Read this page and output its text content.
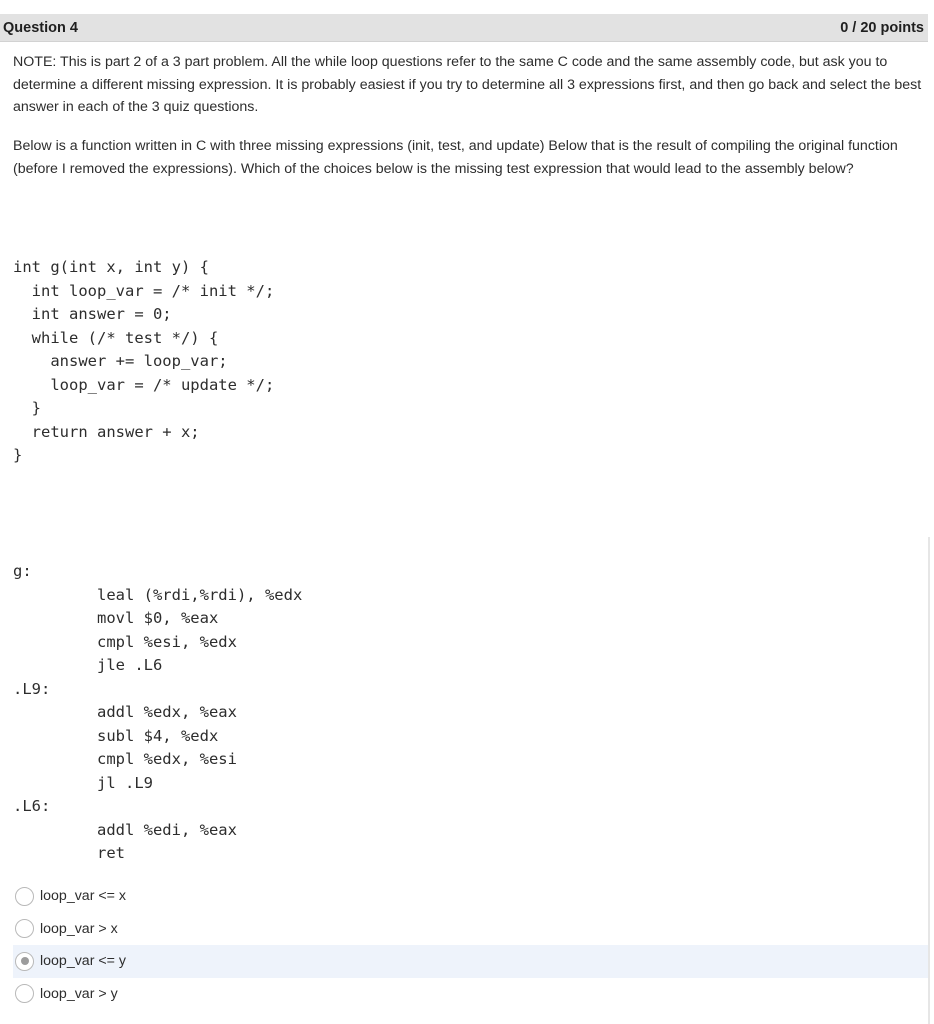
Question 4	0 / 20 points
NOTE: This is part 2 of a 3 part problem. All the while loop questions refer to the same C code and the same assembly code, but ask you to determine a different missing expression. It is probably easiest if you try to determine all 3 expressions first, and then go back and select the best answer in each of the 3 quiz questions.
Below is a function written in C with three missing expressions (init, test, and update) Below that is the result of compiling the original function (before I removed the expressions). Which of the choices below is the missing test expression that would lead to the assembly below?
int g(int x, int y) {
int loop_var = /* init */;
int answer = 0;
while (/* test */) {
answer += loop_var;
loop_var = /* update */;
}
return answer + x;
}
g:
leal (%rdi,%rdi), %edx
movl $0, %eax
cmpl %esi, %edx
jle .L6
.L9:
addl %edx, %eax
subl $4, %edx
cmpl %edx, %esi
jl .L9
.L6:
addl %edi, %eax
ret
loop_var <= x
loop_var > x
loop_var <= y
loop_var > y
